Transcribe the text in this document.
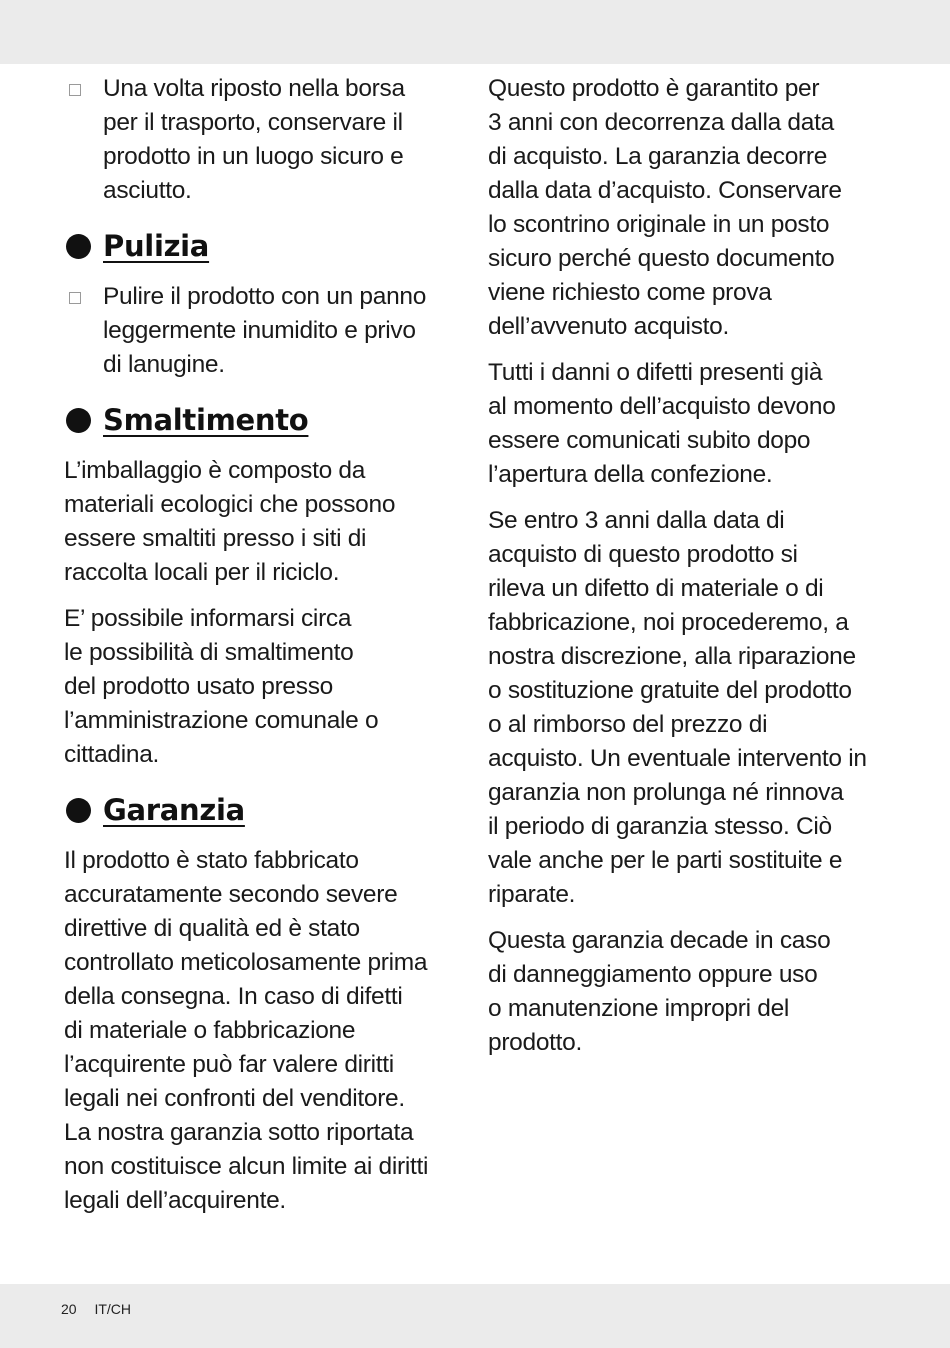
Una volta riposto nella borsa
per il trasporto, conservare il
prodotto in un luogo sicuro e
asciutto.
Pulizia
Pulire il prodotto con un panno
leggermente inumidito e privo
di lanugine.
Smaltimento
L’imballaggio è composto da
materiali ecologici che possono
essere smaltiti presso i siti di
raccolta locali per il riciclo.
E’ possibile informarsi circa
le possibilità di smaltimento
del prodotto usato presso
l’amministrazione comunale o
cittadina.
Garanzia
Il prodotto è stato fabbricato
accuratamente secondo severe
direttive di qualità ed è stato
controllato meticolosamente prima
della consegna. In caso di difetti
di materiale o fabbricazione
l’acquirente può far valere diritti
legali nei confronti del venditore.
La nostra garanzia sotto riportata
non costituisce alcun limite ai diritti
legali dell’acquirente.
Questo prodotto è garantito per
3 anni con decorrenza dalla data
di acquisto. La garanzia decorre
dalla data d’acquisto. Conservare
lo scontrino originale in un posto
sicuro perché questo documento
viene richiesto come prova
dell’avvenuto acquisto.
Tutti i danni o difetti presenti già
al momento dell’acquisto devono
essere comunicati subito dopo
l’apertura della confezione.
Se entro 3 anni dalla data di
acquisto di questo prodotto si
rileva un difetto di materiale o di
fabbricazione, noi procederemo, a
nostra discrezione, alla riparazione
o sostituzione gratuite del prodotto
o al rimborso del prezzo di
acquisto. Un eventuale intervento in
garanzia non prolunga né rinnova
il periodo di garanzia stesso. Ciò
vale anche per le parti sostituite e
riparate.
Questa garanzia decade in caso
di danneggiamento oppure uso
o manutenzione impropri del
prodotto.
20 IT/CH
